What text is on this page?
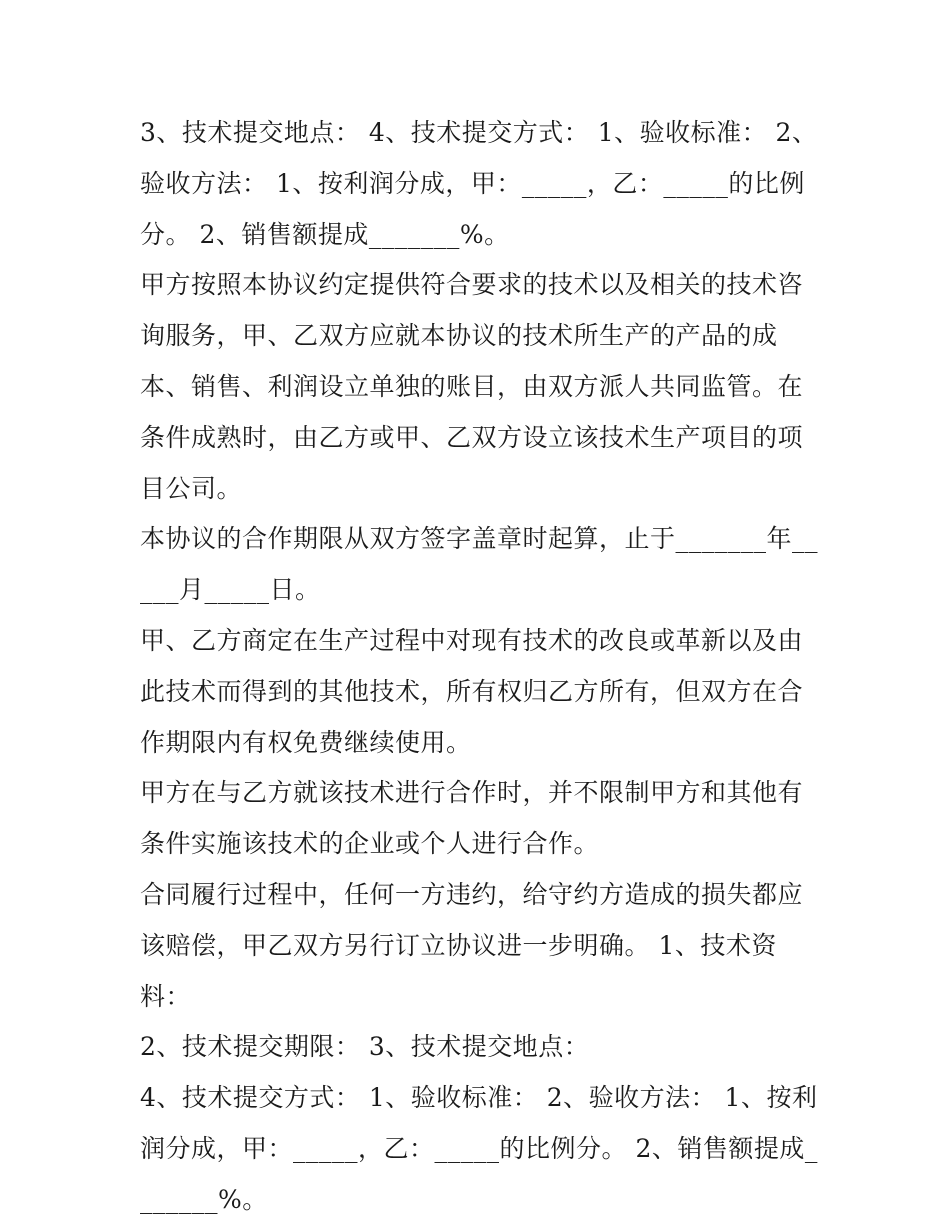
3、技术提交地点： 4、技术提交方式： 1、验收标准： 2、验收方法： 1、按利润分成，甲：_____，乙：_____的比例分。 2、销售额提成_______%。

甲方按照本协议约定提供符合要求的技术以及相关的技术咨询服务，甲、乙双方应就本协议的技术所生产的产品的成本、销售、利润设立单独的账目，由双方派人共同监管。在条件成熟时，由乙方或甲、乙双方设立该技术生产项目的项目公司。

本协议的合作期限从双方签字盖章时起算，止于_______年_____月_____日。

甲、乙方商定在生产过程中对现有技术的改良或革新以及由此技术而得到的其他技术，所有权归乙方所有，但双方在合作期限内有权免费继续使用。

甲方在与乙方就该技术进行合作时，并不限制甲方和其他有条件实施该技术的企业或个人进行合作。

合同履行过程中，任何一方违约，给守约方造成的损失都应该赔偿，甲乙双方另行订立协议进一步明确。 1、技术资料：

2、技术提交期限： 3、技术提交地点：

4、技术提交方式： 1、验收标准： 2、验收方法： 1、按利润分成，甲：_____，乙：_____的比例分。 2、销售额提成_______%。
